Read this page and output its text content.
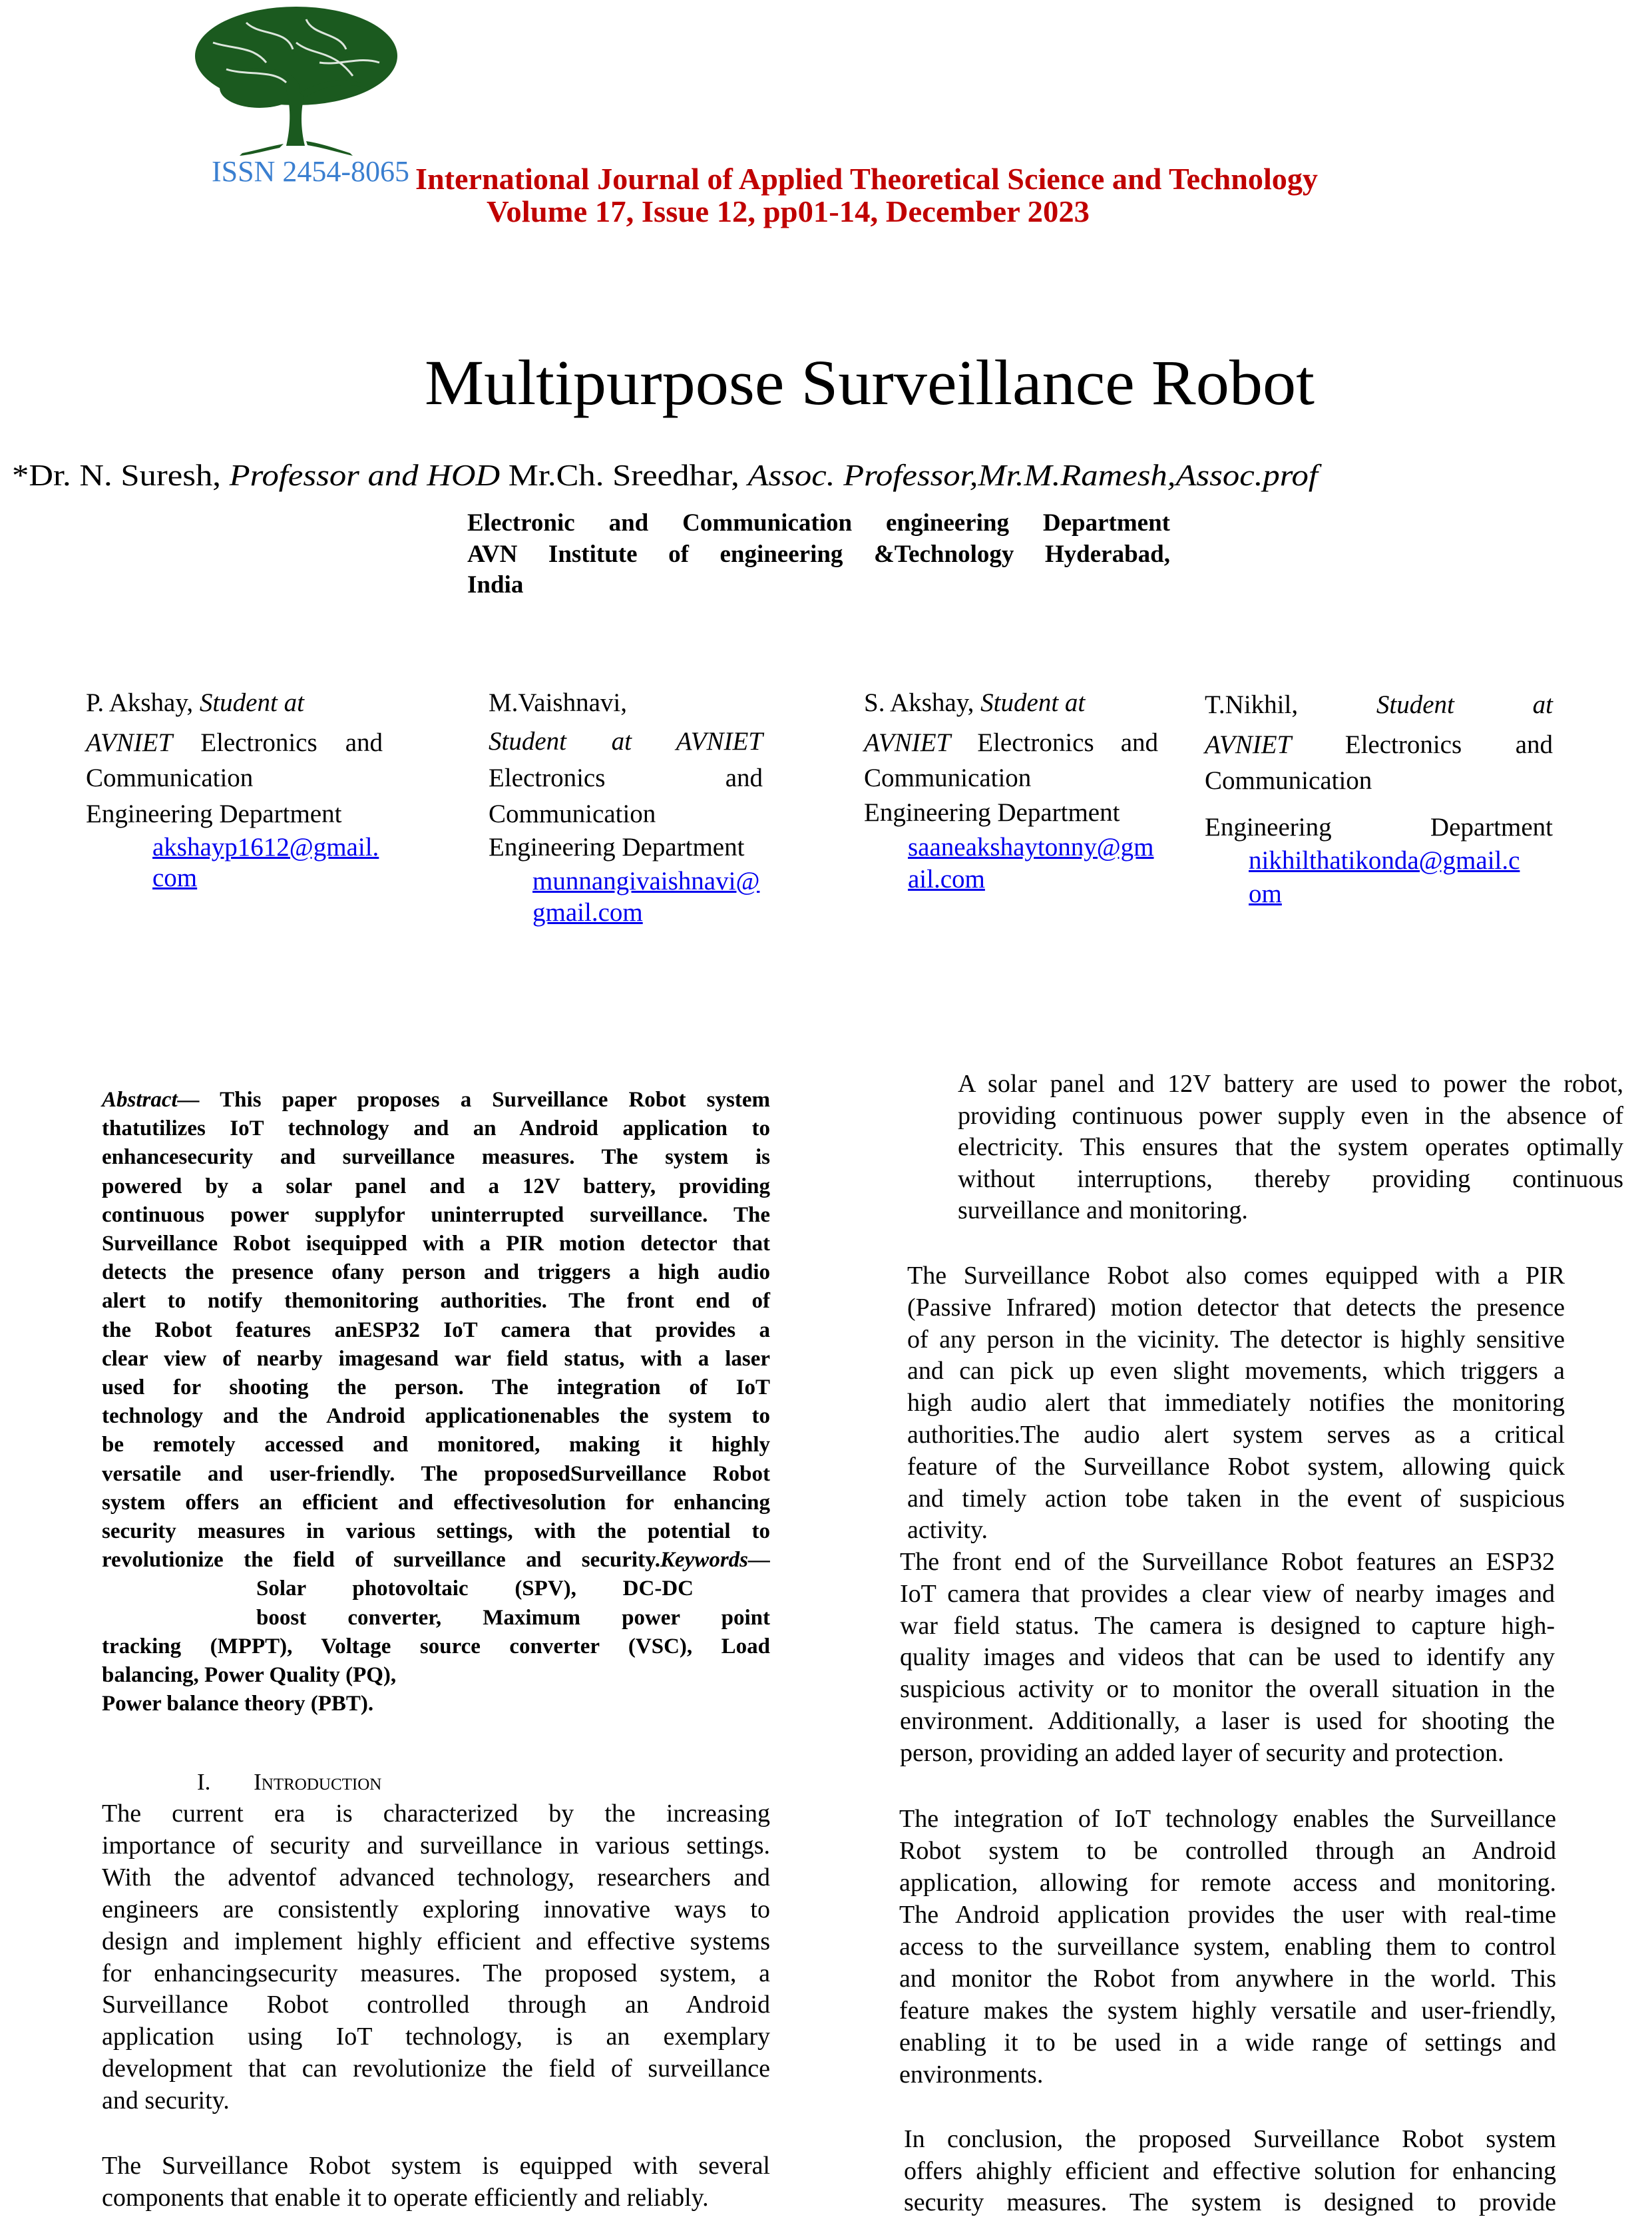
ISSN 2454-8065 International Journal of Applied Theoretical Science and Technology
Volume 17, Issue 12, pp01-14, December 2023
Multipurpose Surveillance Robot
*Dr. N. Suresh, Professor and HOD Mr.Ch. Sreedhar, Assoc. Professor,Mr.M.Ramesh,Assoc.prof
Electronic and Communication engineering Department
AVN Institute of engineering &Technology Hyderabad,
India
P. Akshay, Student at
AVNIET Electronics and
Communication
Engineering Department
akshayp1612@gmail.
com
M.Vaishnavi,
Student at AVNIET
Electronics and
Communication
Engineering Department
munnangivaishnavi@
gmail.com
S. Akshay, Student at
AVNIET Electronics and
Communication
Engineering Department
saaneakshaytonny@gm
ail.com
T.Nikhil, Student at
AVNIET Electronics and
Communication
Engineering Department
nikhilthatikonda@gmail.c
om
Abstract— This paper proposes a Surveillance Robot system
thatutilizes IoT technology and an Android application to
enhancesecurity and surveillance measures. The system is
powered by a solar panel and a 12V battery, providing
continuous power supplyfor uninterrupted surveillance. The
Surveillance Robot isequipped with a PIR motion detector that
detects the presence ofany person and triggers a high audio
alert to notify themonitoring authorities. The front end of
the Robot features anESP32 IoT camera that provides a
clear view of nearby imagesand war field status, with a laser
used for shooting the person. The integration of IoT
technology and the Android applicationenables the system to
be remotely accessed and monitored, making it highly
versatile and user-friendly. The proposedSurveillance Robot
system offers an efficient and effectivesolution for enhancing
security measures in various settings, with the potential to
revolutionize the field of surveillance and security.Keywords—
Solar photovoltaic (SPV), DC-DC
boost converter, Maximum power point
tracking (MPPT), Voltage source converter (VSC), Load
balancing, Power Quality (PQ),
Power balance theory (PBT).
I. Introduction
The current era is characterized by the increasing
importance of security and surveillance in various settings.
With the adventof advanced technology, researchers and
engineers are consistently exploring innovative ways to
design and implement highly efficient and effective systems
for enhancingsecurity measures. The proposed system, a
Surveillance Robot controlled through an Android
application using IoT technology, is an exemplary
development that can revolutionize the field of surveillance
and security.
The Surveillance Robot system is equipped with several
components that enable it to operate efficiently and reliably.
A solar panel and 12V battery are used to power the robot,
providing continuous power supply even in the absence of
electricity. This ensures that the system operates optimally
without interruptions, thereby providing continuous
surveillance and monitoring.
The Surveillance Robot also comes equipped with a PIR
(Passive Infrared) motion detector that detects the presence
of any person in the vicinity. The detector is highly sensitive
and can pick up even slight movements, which triggers a
high audio alert that immediately notifies the monitoring
authorities.The audio alert system serves as a critical
feature of the Surveillance Robot system, allowing quick
and timely action tobe taken in the event of suspicious
activity.
The front end of the Surveillance Robot features an ESP32
IoT camera that provides a clear view of nearby images and
war field status. The camera is designed to capture high-
quality images and videos that can be used to identify any
suspicious activity or to monitor the overall situation in the
environment. Additionally, a laser is used for shooting the
person, providing an added layer of security and protection.
The integration of IoT technology enables the Surveillance
Robot system to be controlled through an Android
application, allowing for remote access and monitoring.
The Android application provides the user with real-time
access to the surveillance system, enabling them to control
and monitor the Robot from anywhere in the world. This
feature makes the system highly versatile and user-friendly,
enabling it to be used in a wide range of settings and
environments.
In conclusion, the proposed Surveillance Robot system
offers ahighly efficient and effective solution for enhancing
security measures. The system is designed to provide
